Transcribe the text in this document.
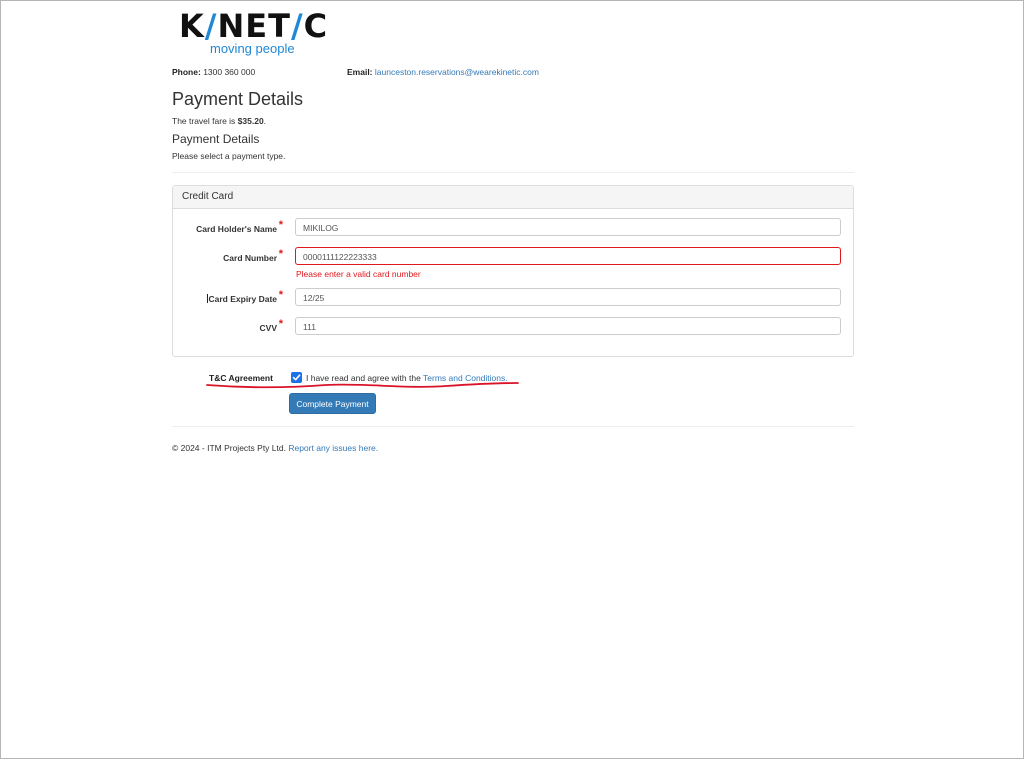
K/NET/C
moving people
Phone: 1300 360 000	Email: launceston.reservations@wearekinetic.com
Payment Details
The travel fare is $35.20.
Payment Details
Please select a payment type.
Credit Card
Card Holder's Name *	MIKILOG
Card Number *	0000111122223333
Please enter a valid card number
Card Expiry Date *	12/25
CVV *	111
T&C Agreement	I have read and agree with the Terms and Conditions.
Complete Payment
© 2024 - ITM Projects Pty Ltd. Report any issues here.
